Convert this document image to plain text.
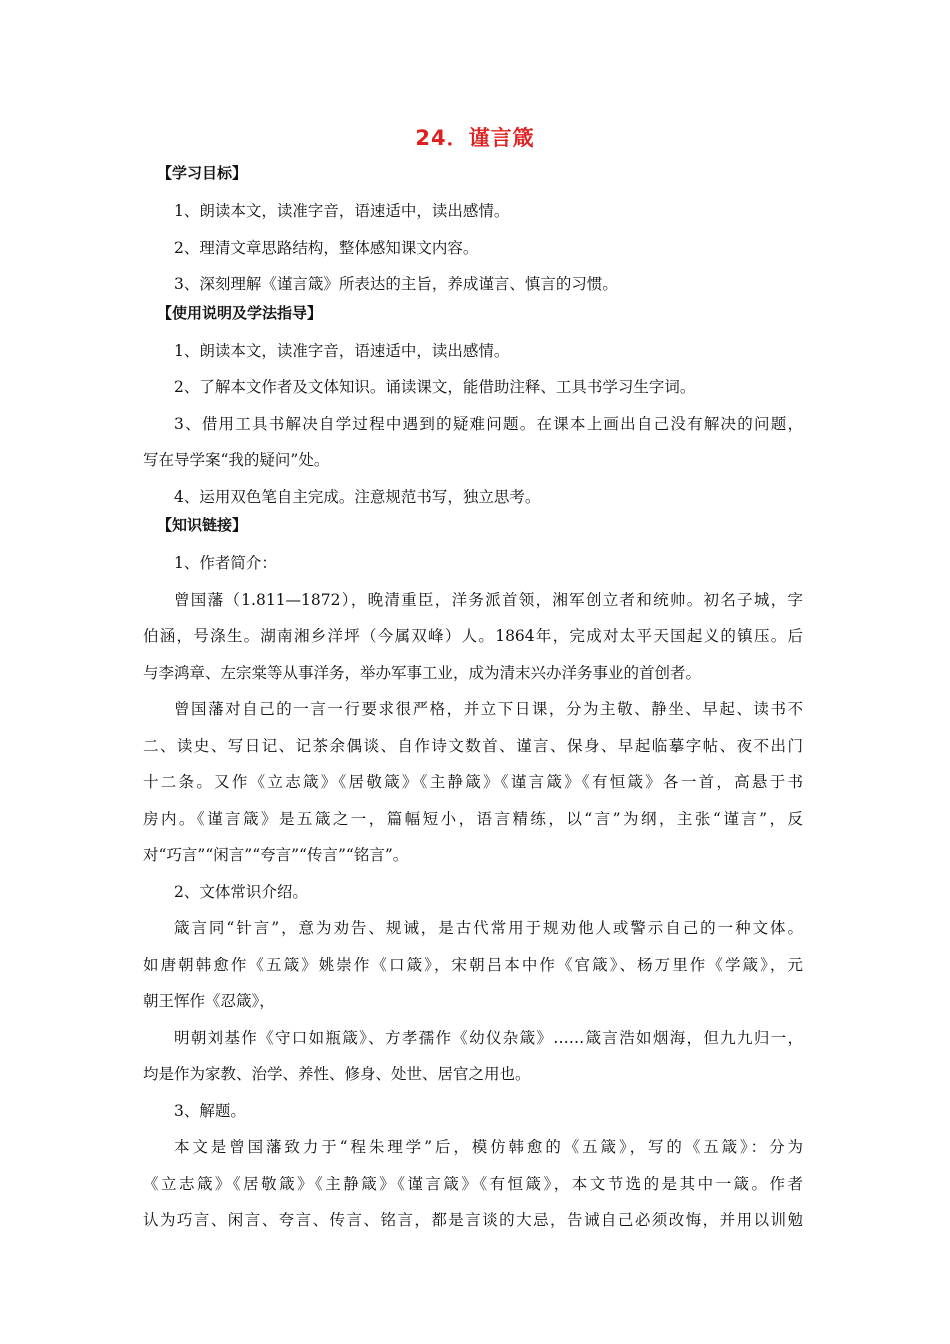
24．谨言箴
【学习目标】
1、朗读本文，读准字音，语速适中，读出感情。
2、理清文章思路结构，整体感知课文内容。
3、深刻理解《谨言箴》所表达的主旨，养成谨言、慎言的习惯。
【使用说明及学法指导】
1、朗读本文，读准字音，语速适中，读出感情。
2、了解本文作者及文体知识。诵读课文，能借助注释、工具书学习生字词。
3、借用工具书解决自学过程中遇到的疑难问题。在课本上画出自己没有解决的问题，
写在导学案“我的疑问”处。
4、运用双色笔自主完成。注意规范书写，独立思考。
【知识链接】
1、作者简介：
曾国藩（1.811—1872），晚清重臣，洋务派首领，湘军创立者和统帅。初名子城，字
伯涵，号涤生。湖南湘乡洋坪（今属双峰）人。1864年，完成对太平天国起义的镇压。后
与李鸿章、左宗棠等从事洋务，举办军事工业，成为清末兴办洋务事业的首创者。
曾国藩对自己的一言一行要求很严格，并立下日课，分为主敬、静坐、早起、读书不
二、读史、写日记、记茶余偶谈、自作诗文数首、谨言、保身、早起临摹字帖、夜不出门
十二条。又作《立志箴》《居敬箴》《主静箴》《谨言箴》《有恒箴》各一首，高悬于书
房内。《谨言箴》是五箴之一，篇幅短小，语言精练，以“言”为纲，主张“谨言”，反
对“巧言”“闲言”“夸言”“传言”“铭言”。
2、文体常识介绍。
箴言同“针言”，意为劝告、规诫，是古代常用于规劝他人或警示自己的一种文体。
如唐朝韩愈作《五箴》姚崇作《口箴》，宋朝吕本中作《官箴》、杨万里作《学箴》，元
朝王恽作《忍箴》，
明朝刘基作《守口如瓶箴》、方孝孺作《幼仪杂箴》……箴言浩如烟海，但九九归一，
均是作为家教、治学、养性、修身、处世、居官之用也。
3、解题。
本文是曾国藩致力于“程朱理学”后，模仿韩愈的《五箴》，写的《五箴》：分为
《立志箴》《居敬箴》《主静箴》《谨言箴》《有恒箴》，本文节选的是其中一箴。作者
认为巧言、闲言、夸言、传言、铭言，都是言谈的大忌，告诫自己必须改悔，并用以训勉
